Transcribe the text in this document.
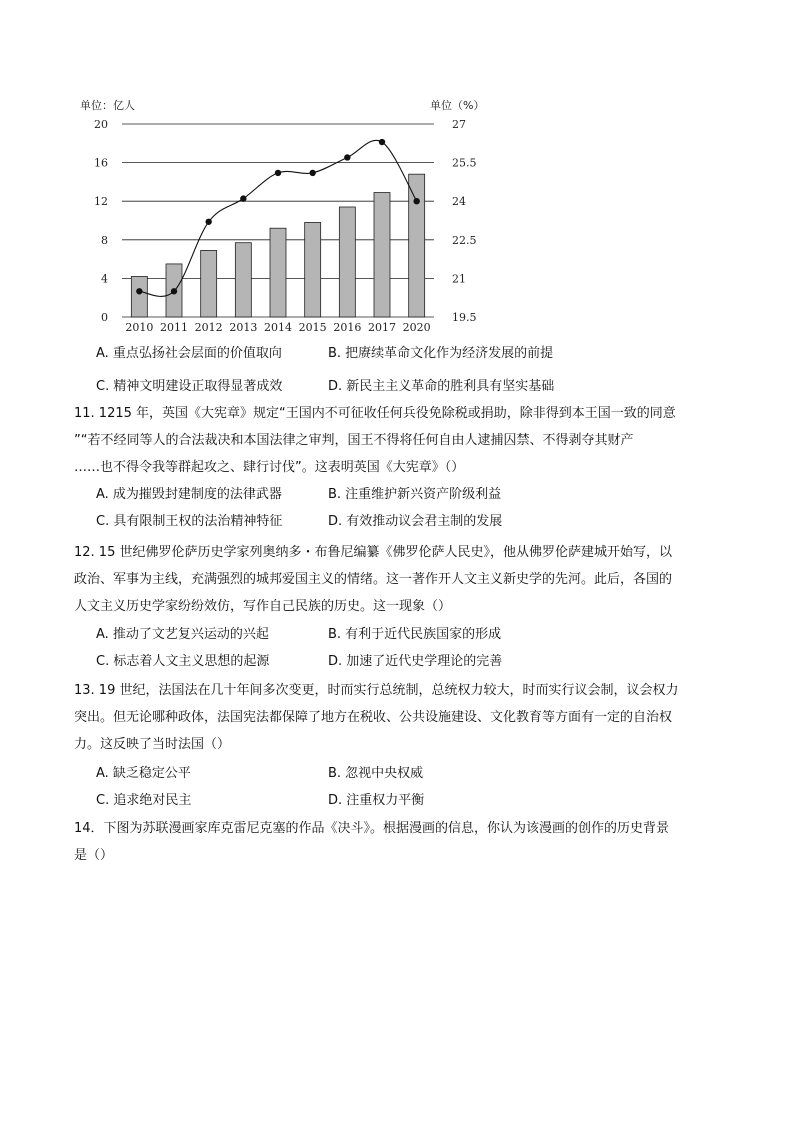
单位：亿人	单位（%）
0
4
8
12
16
20
19.5
21
22.5
24
25.5
27
2010 2011 2012 2013 2014 2015 2016 2017 2020
A. 重点弘扬社会层面的价值取向	B. 把赓续革命文化作为经济发展的前提
C. 精神文明建设正取得显著成效	D. 新民主主义革命的胜利具有坚实基础
11. 1215 年，英国《大宪章》规定“王国内不可征收任何兵役免除税或捐助，除非得到本王国一致的同意
”“若不经同等人的合法裁决和本国法律之审判，国王不得将任何自由人逮捕囚禁、不得剥夺其财产
……也不得令我等群起攻之、肆行讨伐”。这表明英国《大宪章》（）
A. 成为摧毁封建制度的法律武器	B. 注重维护新兴资产阶级利益
C. 具有限制王权的法治精神特征	D. 有效推动议会君主制的发展
12. 15 世纪佛罗伦萨历史学家列奥纳多・布鲁尼编纂《佛罗伦萨人民史》，他从佛罗伦萨建城开始写，以
政治、军事为主线，充满强烈的城邦爱国主义的情绪。这一著作开人文主义新史学的先河。此后，各国的
人文主义历史学家纷纷效仿，写作自己民族的历史。这一现象（）
A. 推动了文艺复兴运动的兴起	B. 有利于近代民族国家的形成
C. 标志着人文主义思想的起源	D. 加速了近代史学理论的完善
13. 19 世纪，法国法在几十年间多次变更，时而实行总统制，总统权力较大，时而实行议会制，议会权力
突出。但无论哪种政体，法国宪法都保障了地方在税收、公共设施建设、文化教育等方面有一定的自治权
力。这反映了当时法国（）
A. 缺乏稳定公平	B. 忽视中央权威
C. 追求绝对民主	D. 注重权力平衡
14．下图为苏联漫画家库克雷尼克塞的作品《决斗》。根据漫画的信息，你认为该漫画的创作的历史背景
是（）
